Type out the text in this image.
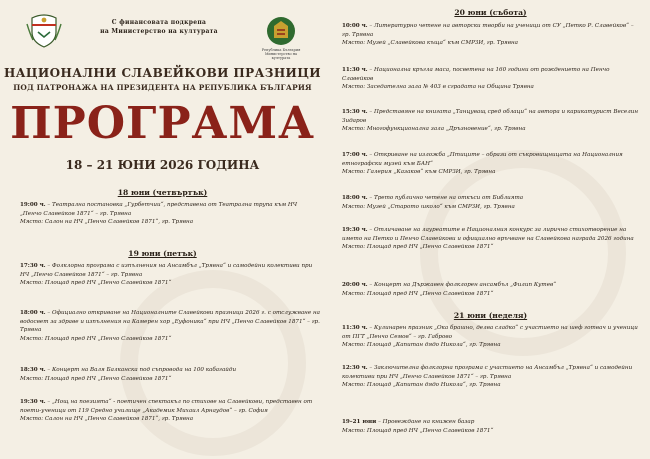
С финансовата подкрепа
на Министерство на културата
Република България Министерство на културата
НАЦИОНАЛНИ СЛАВЕЙКОВИ ПРАЗНИЦИ
ПОД ПАТРОНАЖА НА ПРЕЗИДЕНТА НА РЕПУБЛИКА БЪЛГАРИЯ
ПРОГРАМА
18 – 21 ЮНИ 2026 ГОДИНА
18 юни (четвъртък)
19:00 ч. – Театрална постановка „Гурбетчии“, представена от Театрална трупа към НЧ „Пенчо Славейков 1871“ – гр. Трявна
Място: Салон на НЧ „Пенчо Славейков 1871“, гр. Трявна
19 юни (петък)
17:30 ч. – Фолклорна програма с изпълнения на Ансамбъл „Трявна“ и самодейни колективи при НЧ „Пенчо Славейков 1871“ – гр. Трявна
Място: Площад пред НЧ „Пенчо Славейков 1871“
18:00 ч. – Официално откриване на Националните Славейкови празници 2026 г. с отслужване на водосвет за здраве и изпълнения на Камерен хор „Еуфоника“ при НЧ „Пенчо Славейков 1871“ – гр. Трявна
Място: Площад пред НЧ „Пенчо Славейков 1871“
18:30 ч. – Концерт на Валя Балканска под съпровода на 100 кабагайди
Място: Площад пред НЧ „Пенчо Славейков 1871“
19:30 ч. – „Нощ на поезията“ - поетичен спектакъл по стихове на Славейкови, представен от поети-ученици от 119 Средно училище „Академик Михаил Арнаудов“ – гр. София
Място: Салон на НЧ „Пенчо Славейков 1871“, гр. Трявна
20 юни (събота)
10:00 ч. – Литературно четене на авторски творби на ученици от СУ „Петко Р. Славейков“ – гр. Трявна
Място: Музей „Славейкова къща“ към СМРЗИ, гр. Трявна
11:30 ч. – Национална кръгла маса, посветена на 160 години от рождението на Пенчо Славейков
Място: Заседателна зала № 403 в сградата на Община Трявна
15:30 ч. – Представяне на книгата „Танцуващ сред облаци“ на автора и карикатурист Веселин Зидаров
Място: Многофункционална зала „Дръзновение“, гр. Трявна
17:00 ч. – Откриване на изложба „Птиците – образи от съкровищницата на Националния етнографски музей към БАН“
Място: Галерия „Казаков“ към СМРЗИ, гр. Трявна
18:00 ч. – Трето публично четене на откъси от Библията
Място: Музей „Старото школо“ към СМРЗИ, гр. Трявна
19:30 ч. – Отличаване на лауреатите в Националния конкурс за лирично стихотворение на името на Петко и Пенчо Славейкови и официално връчване на Славейкова награда 2026 година
Място: Площад пред НЧ „Пенчо Славейков 1871“
20:00 ч. – Концерт на Държавен фолклорен ансамбъл „Филип Кутев“
Място: Площад пред НЧ „Пенчо Славейков 1871“
21 юни (неделя)
11:30 ч. – Кулинарен празник „Ока брашно, делва сладко“ с участието на шеф готвач и ученици от ПГТ „Пенчо Семов“ – гр. Габрово
Място: Площад „Капитан дядо Никола“, гр. Трявна
12:30 ч. – Заключителна фолклорна програма с участието на Ансамбъл „Трявна“ и самодейни колективи при НЧ „Пенчо Славейков 1871“ – гр. Трявна
Място: Площад „Капитан дядо Никола“, гр. Трявна
19–21 юни – Провеждане на книжен базар
Място: Площад пред НЧ „Пенчо Славейков 1871“
